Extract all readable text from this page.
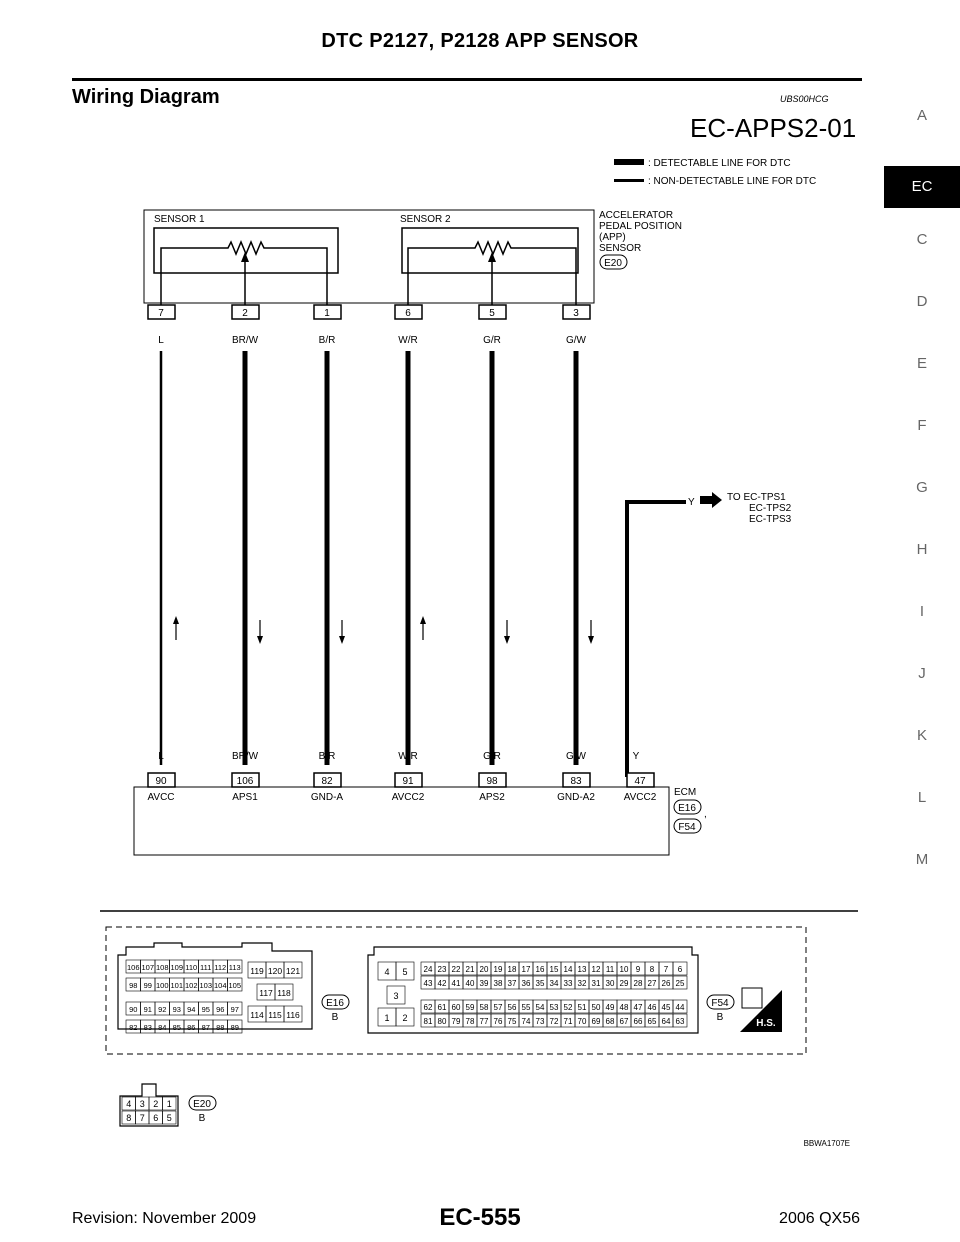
DTC P2127, P2128 APP SENSOR
Wiring Diagram	UBS00HCG
EC-APPS2-01	A
EC
C
D
E
F
G
H
I
J
K
L
M
: DETECTABLE LINE FOR DTC
: NON-DETECTABLE LINE FOR DTC
SENSOR 1	SENSOR 2	ACCELERATOR
PEDAL POSITION
(APP)
SENSOR
E20
7
L
L
90
AVCC
2
BR/W
BR/W
106
APS1
1
B/R
B/R
82
GND-A
6
W/R
W/R
91
AVCC2
5
G/R
G/R
98
APS2
3
G/W
G/W
83
GND-A2
Y	TO EC-TPS1
EC-TPS2
EC-TPS3
Y
47
AVCC2 ECM
E16
,
F54
106 107 108 109 110 111 112 113
98 99 100 101 102 103 104 105
90 91 92 93 94 95 96 97
82 83 84 85 86 87 88 89
119 120 121
117 118
114 115 116
E16
B
4 5
3
1 2
24 23 22 21 20 19 18 17 16 15 14 13 12 11 10 9 8 7 6
43 42 41 40 39 38 37 36 35 34 33 32 31 30 29 28 27 26 25
62 61 60 59 58 57 56 55 54 53 52 51 50 49 48 47 46 45 44
81 80 79 78 77 76 75 74 73 72 71 70 69 68 67 66 65 64 63
F54
B
H.S.
4 3 2 1
8 7 6 5
E20
B
BBWA1707E
Revision: November 2009	EC-555	2006 QX56
